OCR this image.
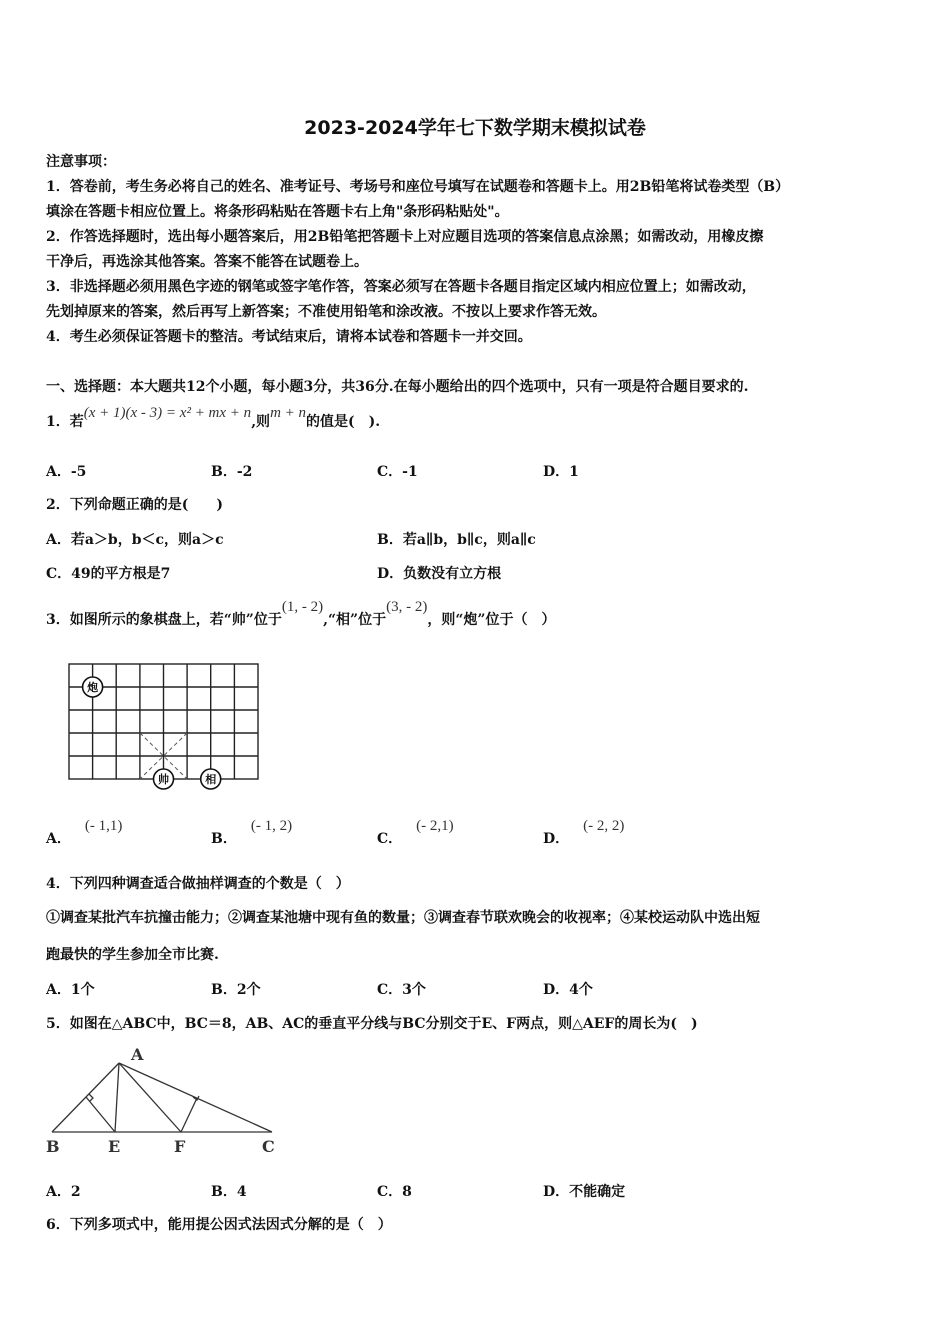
2023-2024学年七下数学期末模拟试卷
注意事项：
1．答卷前，考生务必将自己的姓名、准考证号、考场号和座位号填写在试题卷和答题卡上。用2B铅笔将试卷类型（B）
填涂在答题卡相应位置上。将条形码粘贴在答题卡右上角"条形码粘贴处"。
2．作答选择题时，选出每小题答案后，用2B铅笔把答题卡上对应题目选项的答案信息点涂黑；如需改动，用橡皮擦
干净后，再选涂其他答案。答案不能答在试题卷上。
3．非选择题必须用黑色字迹的钢笔或签字笔作答，答案必须写在答题卡各题目指定区域内相应位置上；如需改动，
先划掉原来的答案，然后再写上新答案；不准使用铅笔和涂改液。不按以上要求作答无效。
4．考生必须保证答题卡的整洁。考试结束后，请将本试卷和答题卡一并交回。
一、选择题：本大题共12个小题，每小题3分，共36分.在每小题给出的四个选项中，只有一项是符合题目要求的.
1．若(x + 1)(x - 3) = x² + mx + n,则m + n的值是(　).
A．-5	B．-2	C．-1	D．1
2．下列命题正确的是(　　)
A．若a＞b，b＜c，则a＞c	B．若a∥b，b∥c，则a∥c
C．49的平方根是7	D．负数没有立方根
3．如图所示的象棋盘上，若“帅”位于(1, - 2),“相”位于(3, - 2)，则“炮”位于（　）
炮
帅	相
A．(- 1,1)
B．(- 1, 2)
C．(- 2,1)
D．(- 2, 2)
4．下列四种调查适合做抽样调查的个数是（　）
①调查某批汽车抗撞击能力；②调查某池塘中现有鱼的数量；③调查春节联欢晚会的收视率；④某校运动队中选出短
跑最快的学生参加全市比赛.
A．1个	B．2个	C．3个	D．4个
5．如图在△ABC中，BC＝8，AB、AC的垂直平分线与BC分别交于E、F两点，则△AEF的周长为(　)
A
B	E	F	C
A．2	B．4	C．8	D．不能确定
6．下列多项式中，能用提公因式法因式分解的是（　）
